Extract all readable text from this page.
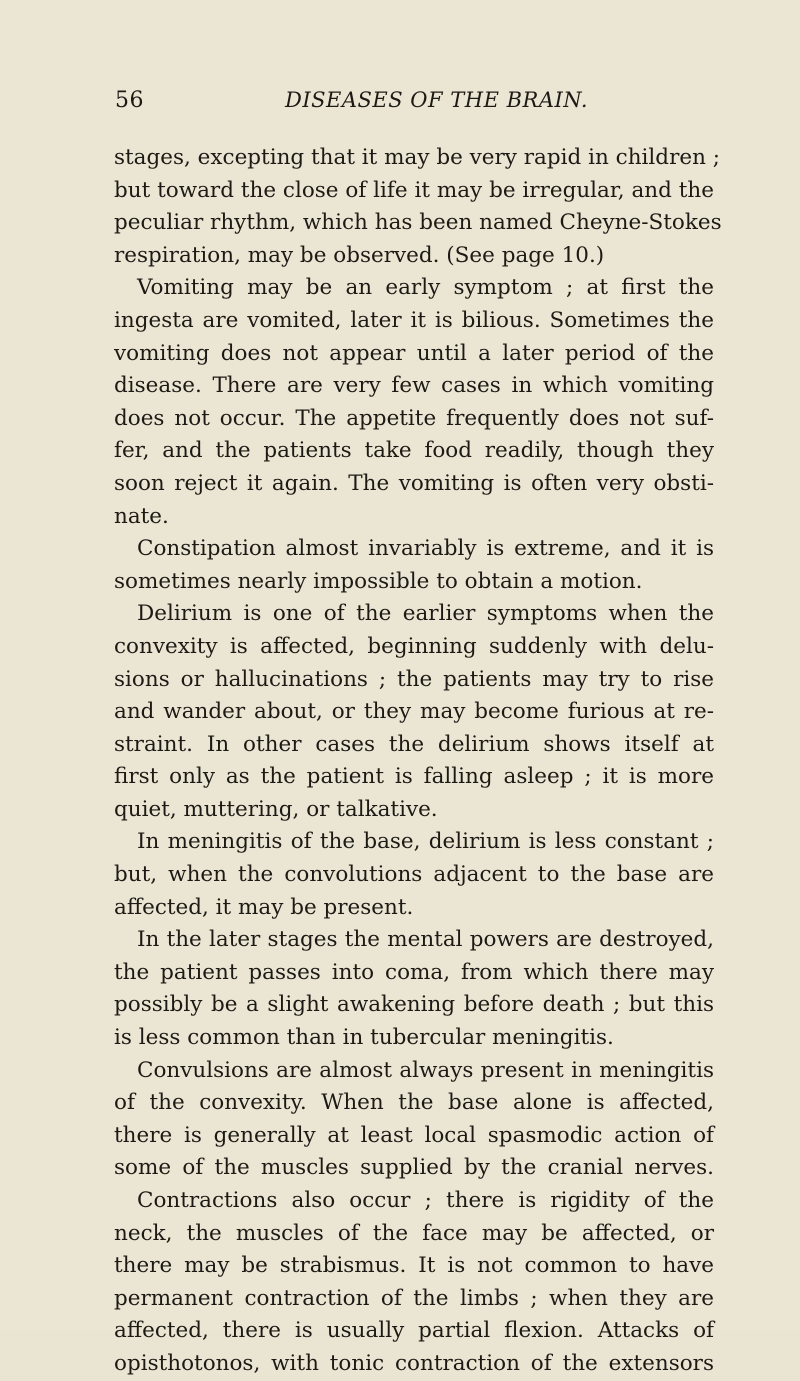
56	DISEASES OF THE BRAIN.
stages, excepting that it may be very rapid in children ;
but toward the close of life it may be irregular, and the
peculiar rhythm, which has been named Cheyne-Stokes
respiration, may be observed. (See page 10.)
Vomiting may be an early symptom ; at first the
ingesta are vomited, later it is bilious. Sometimes the
vomiting does not appear until a later period of the
disease. There are very few cases in which vomiting
does not occur. The appetite frequently does not suf-
fer, and the patients take food readily, though they
soon reject it again. The vomiting is often very obsti-
nate.
Constipation almost invariably is extreme, and it is
sometimes nearly impossible to obtain a motion.
Delirium is one of the earlier symptoms when the
convexity is affected, beginning suddenly with delu-
sions or hallucinations ; the patients may try to rise
and wander about, or they may become furious at re-
straint. In other cases the delirium shows itself at
first only as the patient is falling asleep ; it is more
quiet, muttering, or talkative.
In meningitis of the base, delirium is less constant ;
but, when the convolutions adjacent to the base are
affected, it may be present.
In the later stages the mental powers are destroyed,
the patient passes into coma, from which there may
possibly be a slight awakening before death ; but this
is less common than in tubercular meningitis.
Convulsions are almost always present in meningitis
of the convexity. When the base alone is affected,
there is generally at least local spasmodic action of
some of the muscles supplied by the cranial nerves.
Contractions also occur ; there is rigidity of the
neck, the muscles of the face may be affected, or
there may be strabismus. It is not common to have
permanent contraction of the limbs ; when they are
affected, there is usually partial flexion. Attacks of
opisthotonos, with tonic contraction of the extensors
